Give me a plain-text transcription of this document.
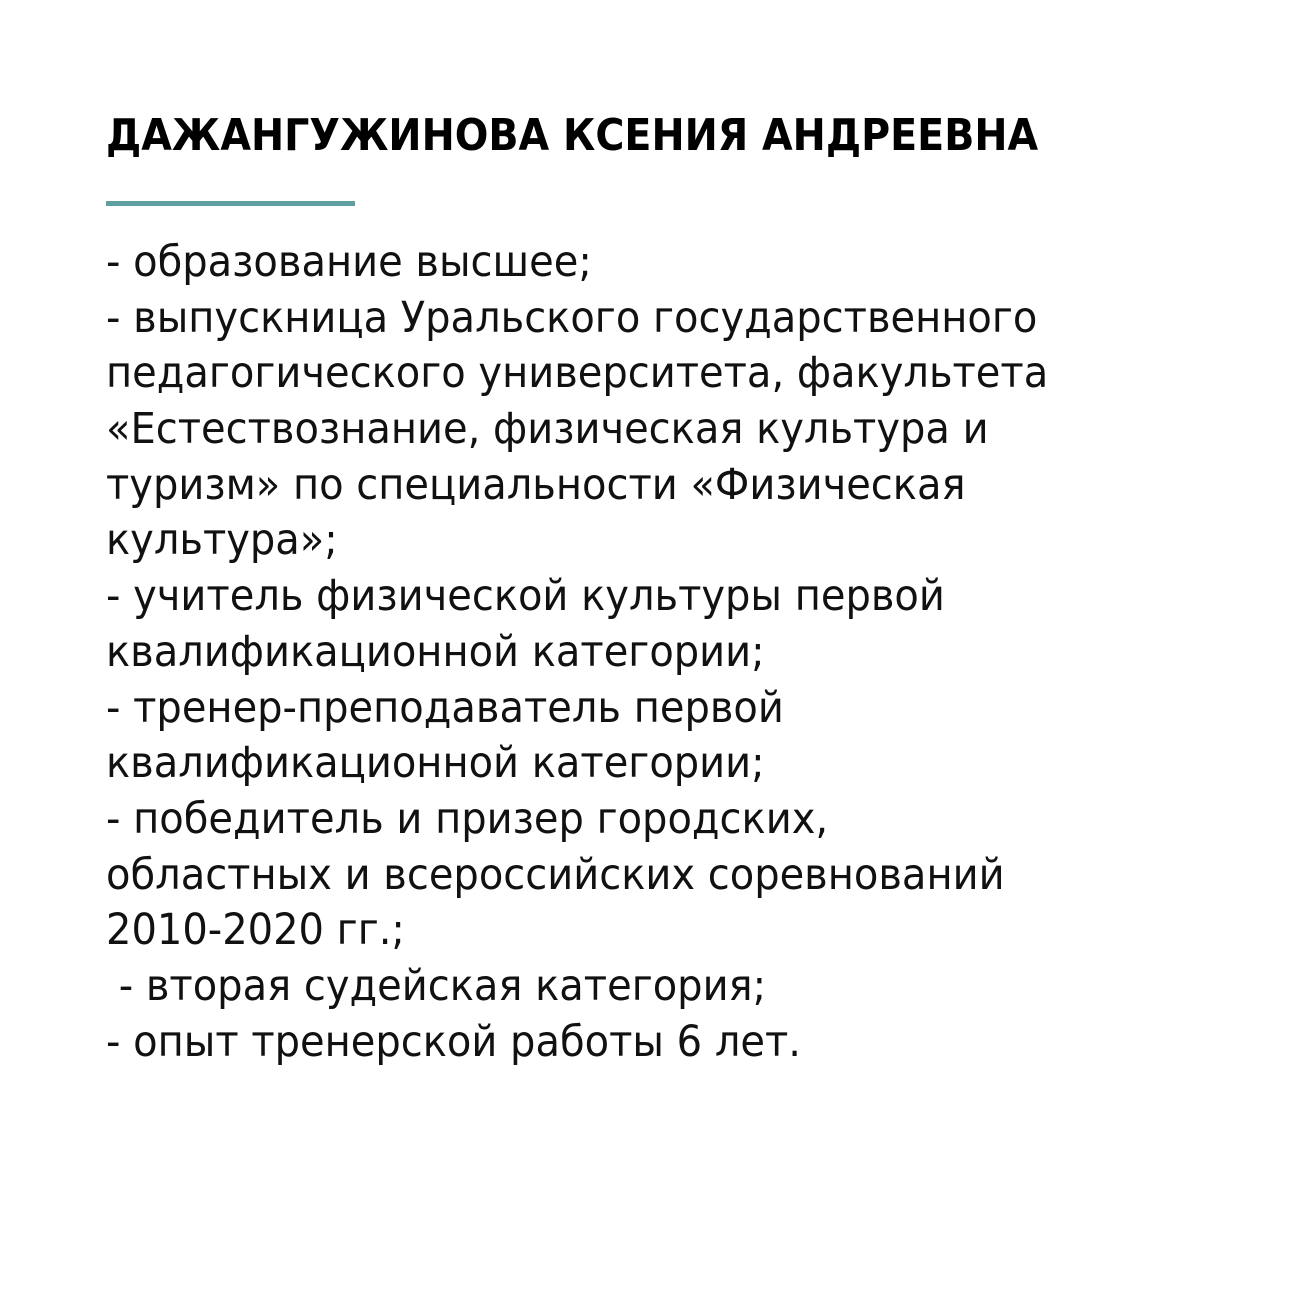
ДАЖАНГУЖИНОВА КСЕНИЯ АНДРЕЕВНА
- образование высшее;
- выпускница Уральского государственного
педагогического университета, факультета
«Естествознание, физическая культура и
туризм» по специальности «Физическая
культура»;
- учитель физической культуры первой
квалификационной категории;
- тренер-преподаватель первой
квалификационной категории;
- победитель и призер городских,
областных и всероссийских соревнований
2010-2020 гг.;
- вторая судейская категория;
- опыт тренерской работы 6 лет.
